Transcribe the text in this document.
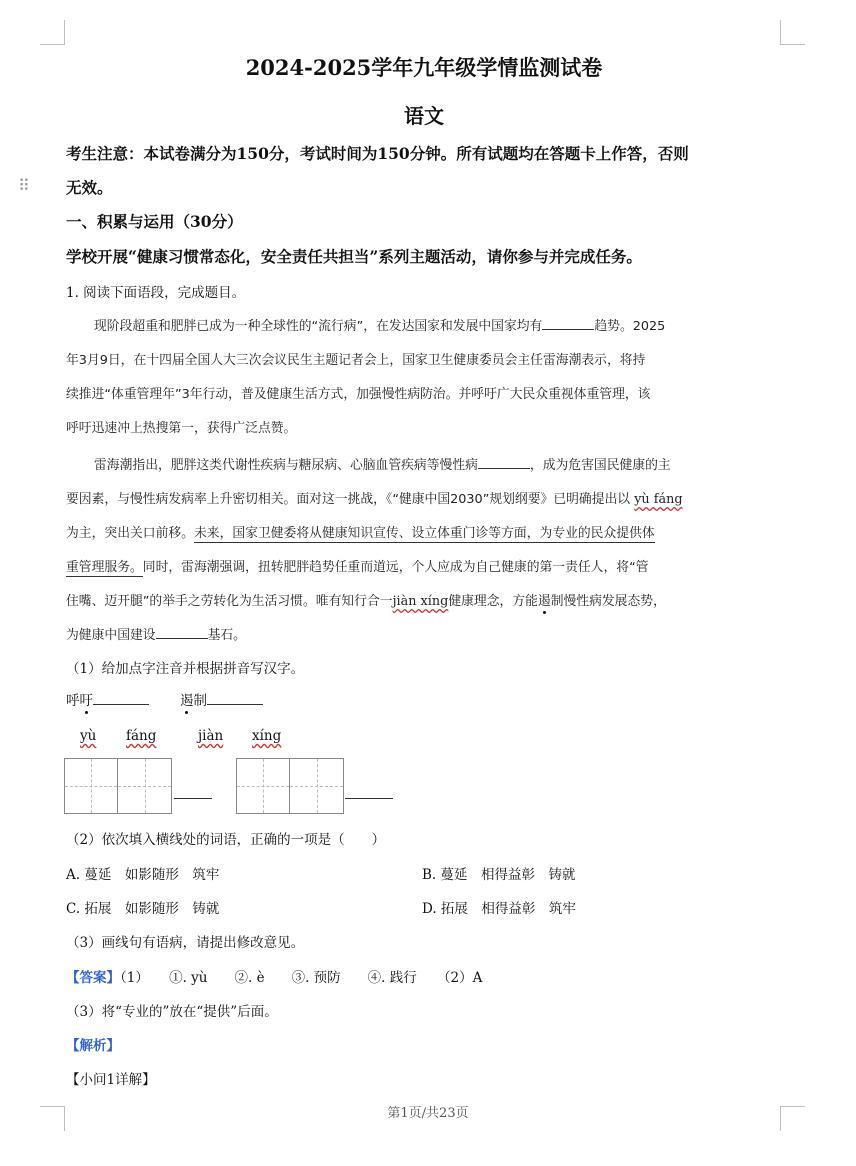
⠿
2024-2025学年九年级学情监测试卷
语文
考生注意：本试卷满分为150分，考试时间为150分钟。所有试题均在答题卡上作答，否则
无效。
一、积累与运用（30分）
学校开展“健康习惯常态化，安全责任共担当”系列主题活动，请你参与并完成任务。
1. 阅读下面语段，完成题目。
现阶段超重和肥胖已成为一种全球性的“流行病”，在发达国家和发展中国家均有	趋势。2025
年3月9日，在十四届全国人大三次会议民生主题记者会上，国家卫生健康委员会主任雷海潮表示，将持
续推进“体重管理年”3年行动，普及健康生活方式，加强慢性病防治。并呼吁广大民众重视体重管理，该
呼吁迅速冲上热搜第一，获得广泛点赞。
雷海潮指出，肥胖这类代谢性疾病与糖尿病、心脑血管疾病等慢性病	，成为危害国民健康的主
要因素，与慢性病发病率上升密切相关。面对这一挑战，《“健康中国2030”规划纲要》已明确提出以 yù fáng
为主，突出关口前移。未来，国家卫健委将从健康知识宣传、设立体重门诊等方面，为专业的民众提供体
重管理服务。同时，雷海潮强调，扭转肥胖趋势任重而道远，个人应成为自己健康的第一责任人，将“管
住嘴、迈开腿”的举手之劳转化为生活习惯。唯有知行合一jiàn xíng健康理念，方能遏制慢性病发展态势，
为健康中国建设	基石。
（1）给加点字注音并根据拼音写汉字。
呼吁	遏制
yù fáng	jiàn xíng
（2）依次填入横线处的词语，正确的一项是（　　）
A. 蔓延　如影随形　筑牢	B. 蔓延　相得益彰　铸就
C. 拓展　如影随形　铸就	D. 拓展　相得益彰　筑牢
（3）画线句有语病，请提出修改意见。
【答案】（1）　　①. yù　　②. è　　③. 预防　　④. 践行　　（2）A
（3）将“专业的”放在“提供”后面。
【解析】
【小问1详解】
第1页/共23页
